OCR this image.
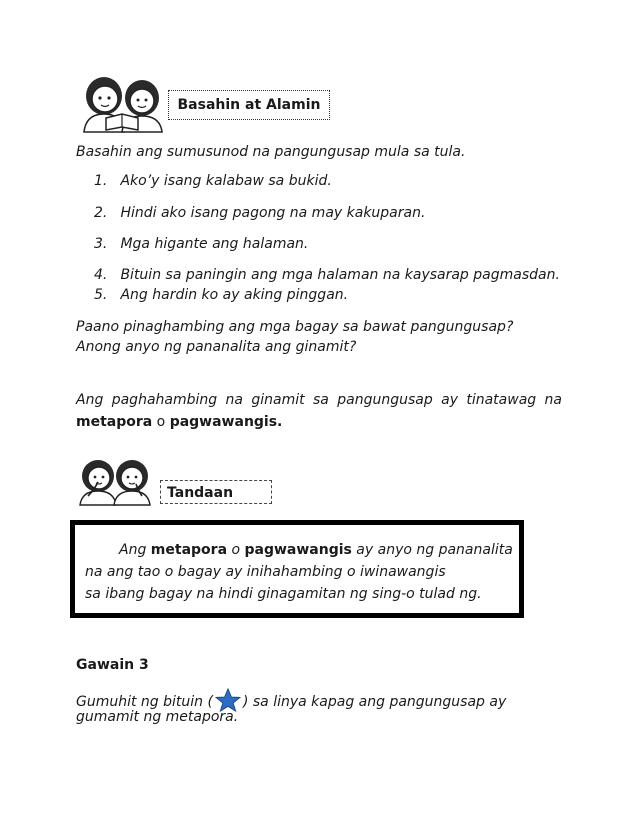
Basahin at Alamin
Basahin ang sumusunod na pangungusap mula sa tula.
1. Ako’y isang kalabaw sa bukid.
2. Hindi ako isang pagong na may kakuparan.
3. Mga higante ang halaman.
4. Bituin sa paningin ang mga halaman na kaysarap pagmasdan.
5. Ang hardin ko ay aking pinggan.
Paano pinaghambing ang mga bagay sa bawat pangungusap?
Anong anyo ng pananalita ang ginamit?
Ang paghahambing na ginamit sa pangungusap ay tinatawag na
metapora o pagwawangis.
Tandaan
Ang metapora o pagwawangis ay anyo ng pananalita
na ang tao o bagay ay inihahambing o iwinawangis
sa ibang bagay na hindi ginagamitan ng sing-o tulad ng.
Gawain 3
Gumuhit ng bituin ( ) sa linya kapag ang pangungusap ay
gumamit ng metapora.
